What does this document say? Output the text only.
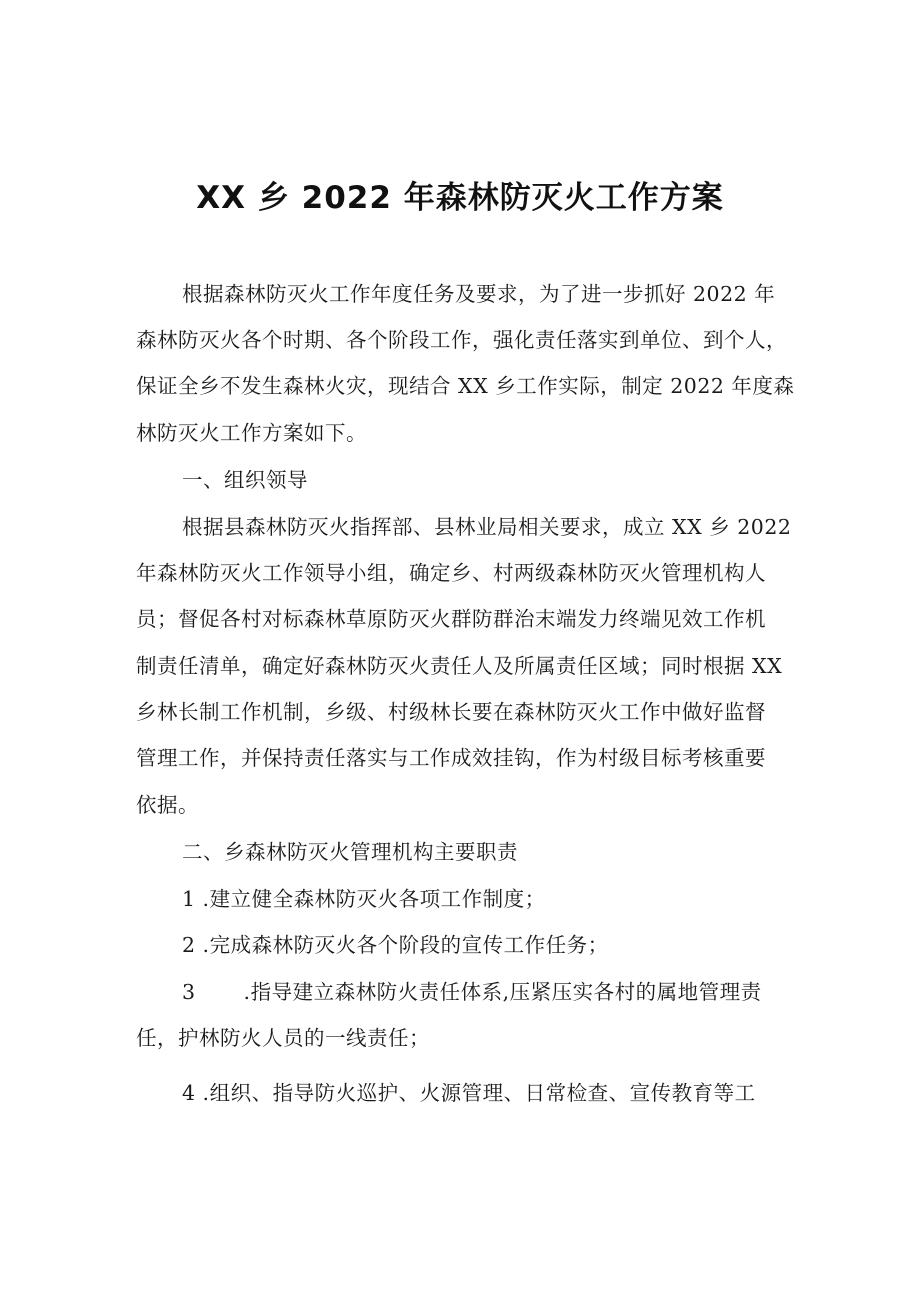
XX 乡 2022 年森林防灭火工作方案
根据森林防灭火工作年度任务及要求，为了进一步抓好 2022 年
森林防灭火各个时期、各个阶段工作，强化责任落实到单位、到个人，
保证全乡不发生森林火灾，现结合 XX 乡工作实际，制定 2022 年度森
林防灭火工作方案如下。
一、组织领导
根据县森林防灭火指挥部、县林业局相关要求，成立 XX 乡 2022
年森林防灭火工作领导小组，确定乡、村两级森林防灭火管理机构人
员；督促各村对标森林草原防灭火群防群治末端发力终端见效工作机
制责任清单，确定好森林防灭火责任人及所属责任区域；同时根据 XX
乡林长制工作机制，乡级、村级林长要在森林防灭火工作中做好监督
管理工作，并保持责任落实与工作成效挂钩，作为村级目标考核重要
依据。
二、乡森林防灭火管理机构主要职责
1 .建立健全森林防灭火各项工作制度；
2 .完成森林防灭火各个阶段的宣传工作任务；
3 .指导建立森林防火责任体系,压紧压实各村的属地管理责
任，护林防火人员的一线责任；
4 .组织、指导防火巡护、火源管理、日常检查、宣传教育等工
